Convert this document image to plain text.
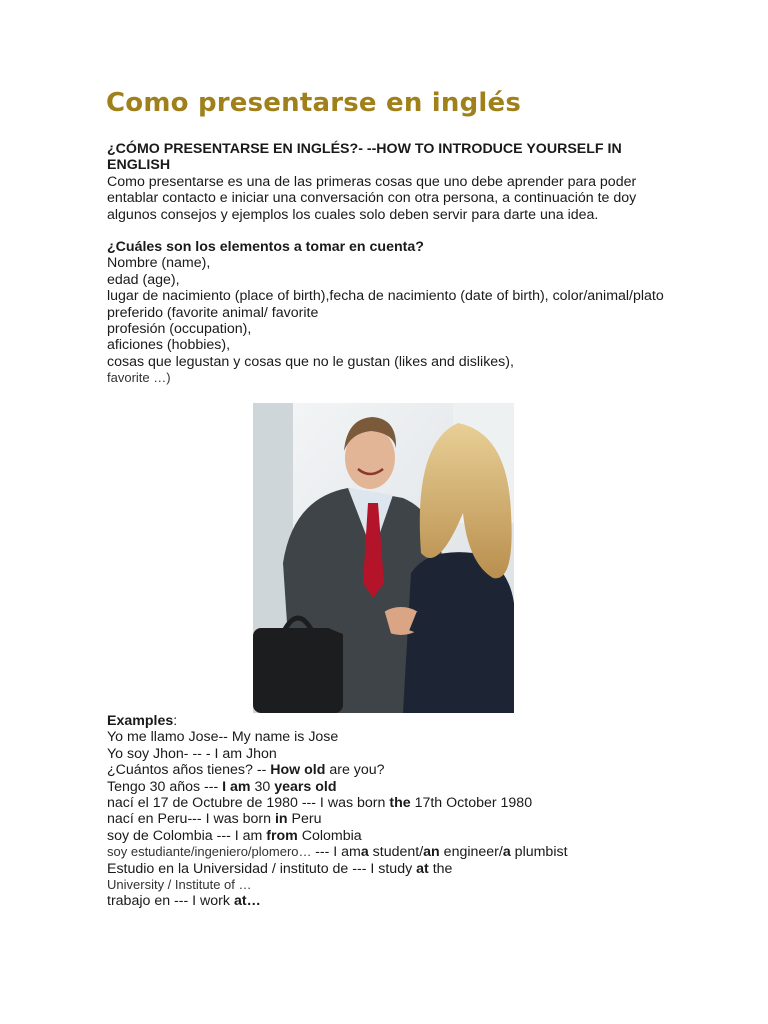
Como presentarse en inglés
¿CÓMO PRESENTARSE EN INGLÉS?- --HOW TO INTRODUCE YOURSELF IN ENGLISH
Como presentarse es una de las primeras cosas que uno debe aprender para poder entablar contacto e iniciar una conversación con otra persona, a continuación te doy algunos consejos y ejemplos los cuales solo deben servir para darte una idea.
¿Cuáles son los elementos a tomar en cuenta?
Nombre (name),
edad (age),
lugar de nacimiento (place of birth),fecha de nacimiento (date of birth), color/animal/plato preferido (favorite animal/ favorite
profesión (occupation),
aficiones (hobbies),
cosas que legustan y cosas que no le gustan (likes and dislikes),
favorite …)
Examples:
Yo me llamo Jose-- My name is Jose
Yo soy Jhon- -- - I am Jhon
¿Cuántos años tienes? -- How old are you?
Tengo 30 años --- I am 30 years old
nací el 17 de Octubre de 1980 --- I was born the 17th October 1980
nací en Peru--- I was born in Peru
soy de Colombia --- I am from Colombia
soy estudiante/ingeniero/plomero… --- I ama student/an engineer/a plumbist
Estudio en la Universidad / instituto de --- I study at the
University / Institute of …
trabajo en --- I work at…
